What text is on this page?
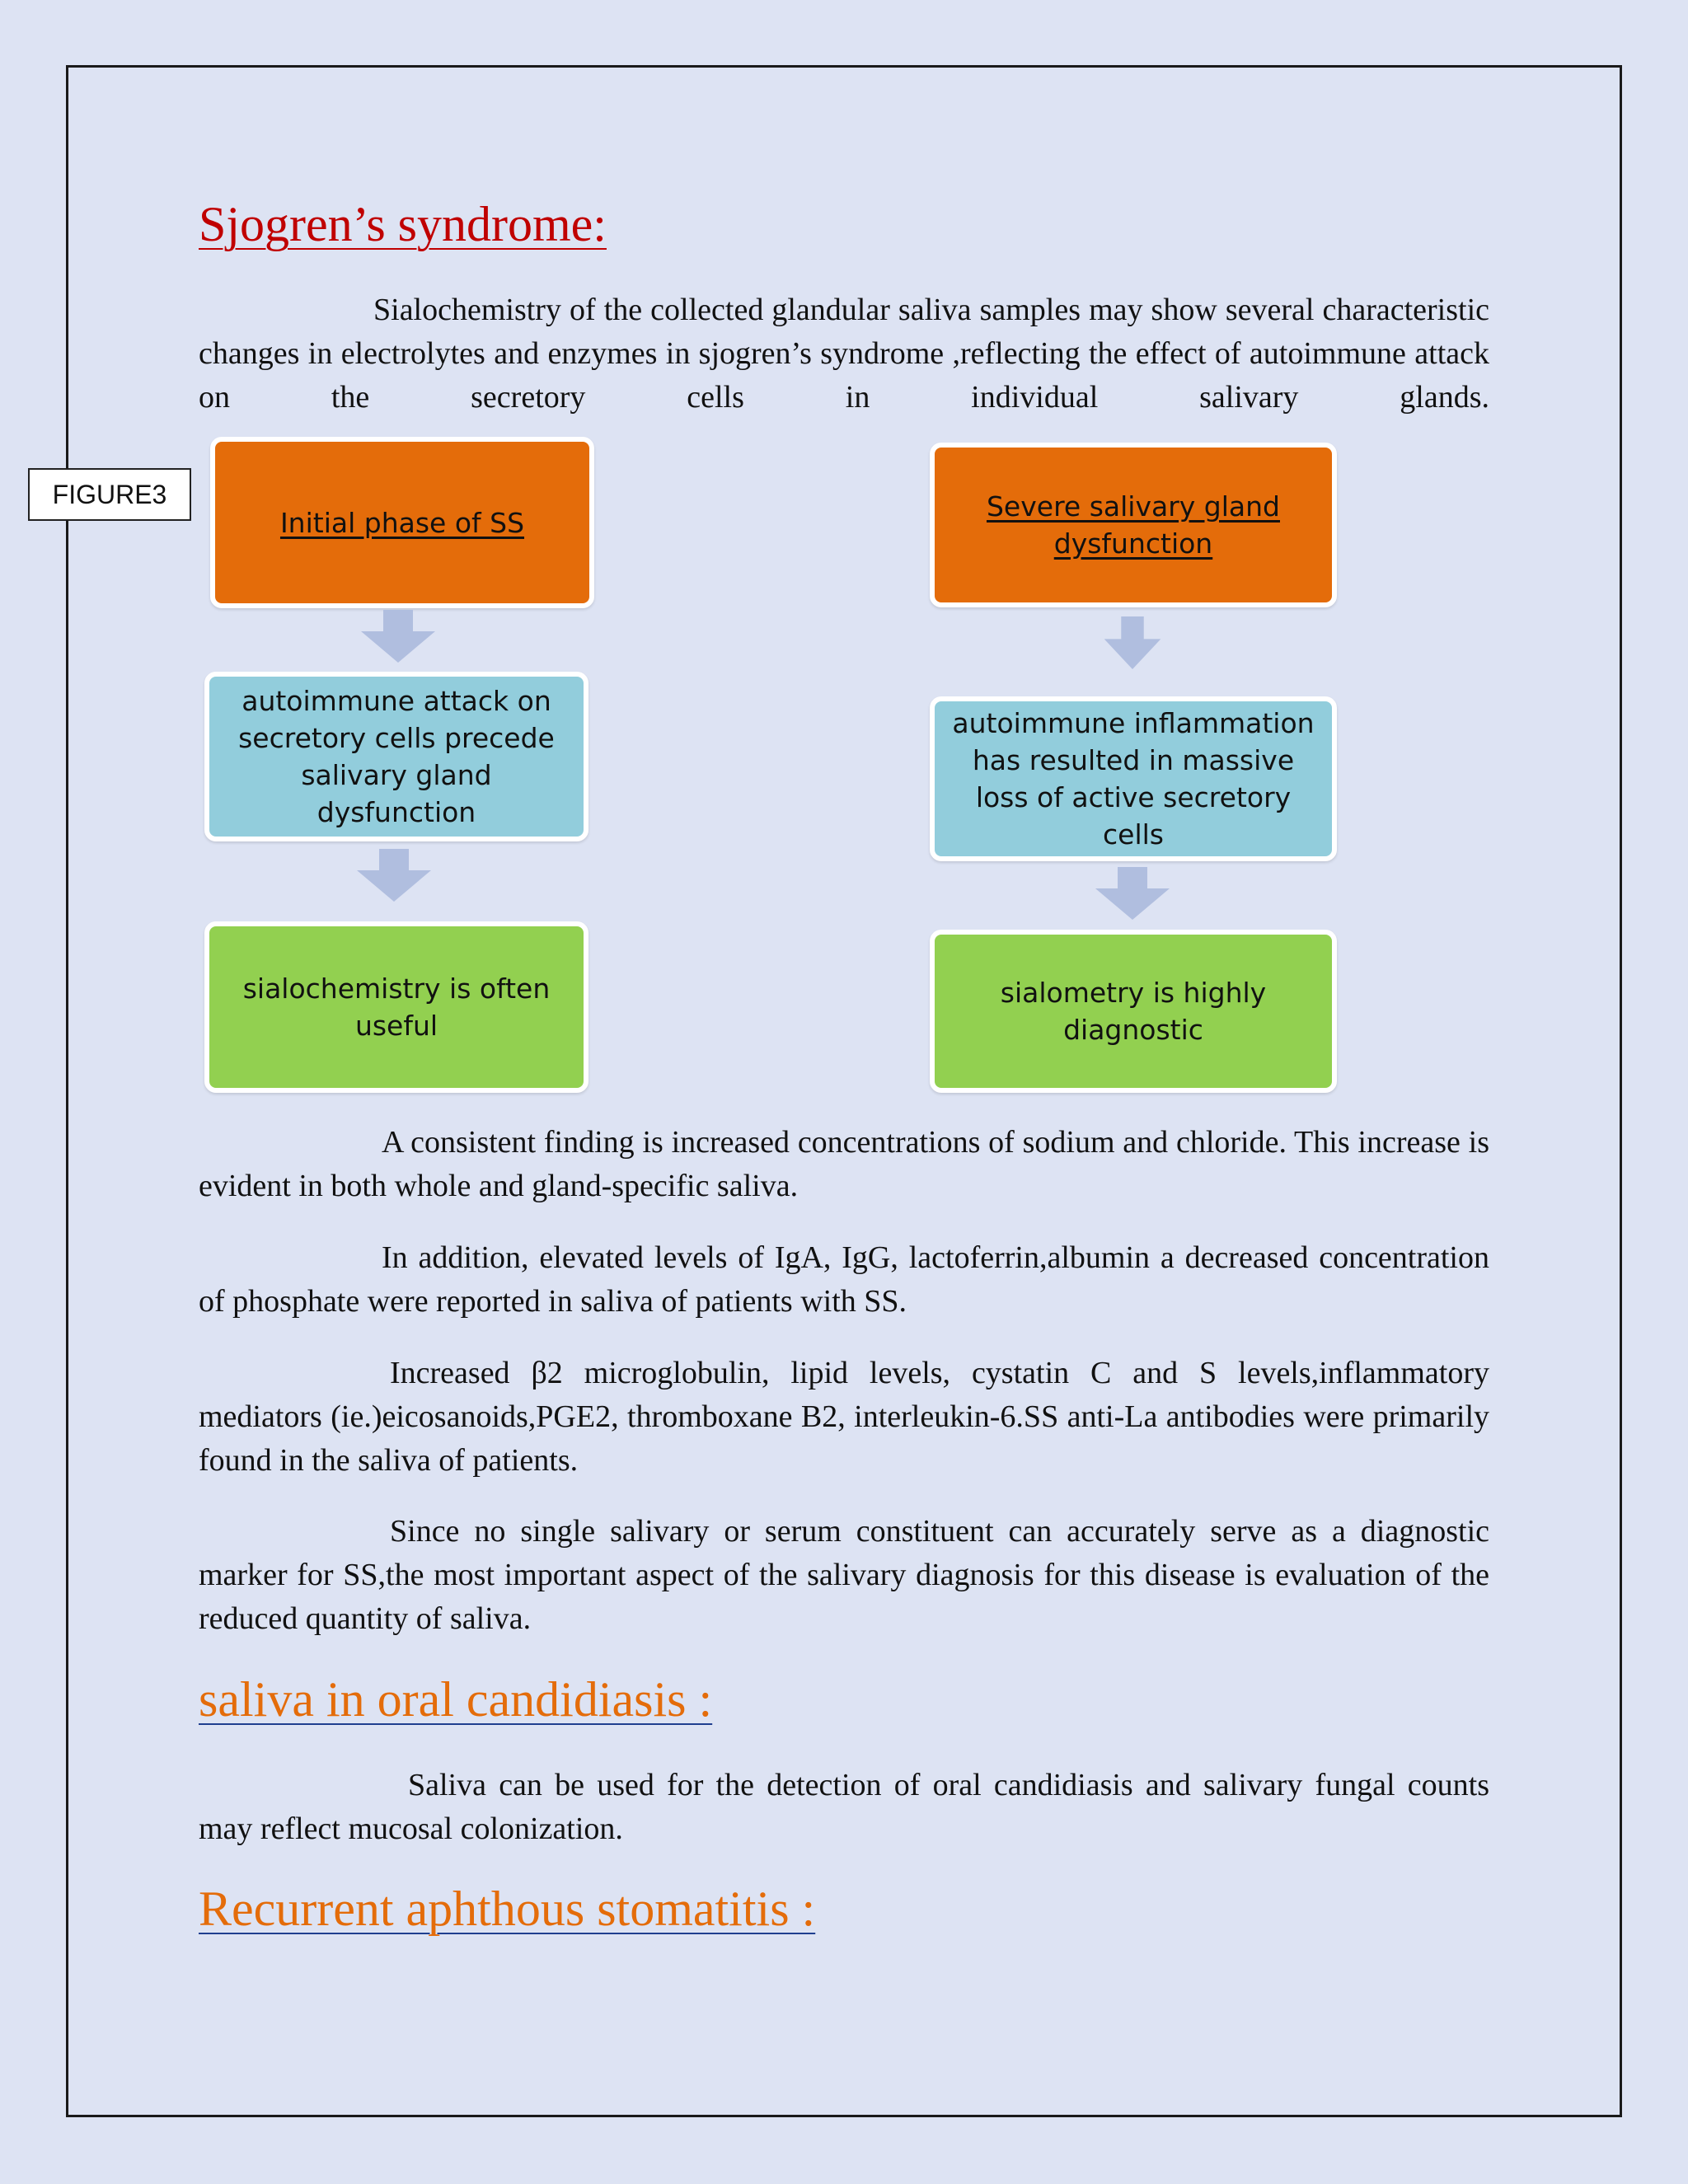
FIGURE3
Sjogren’s syndrome:

Sialochemistry of the collected glandular saliva samples may show several characteristic changes in electrolytes and enzymes in sjogren’s syndrome ,reflecting the effect of autoimmune attack on the secretory cells in individual salivary glands.

Initial phase of SS
autoimmune attack on secretory cells precede salivary gland dysfunction
sialochemistry is often useful
Severe salivary gland dysfunction
autoimmune inflammation has resulted in massive loss of active secretory cells
sialometry is highly diagnostic

A consistent finding is increased concentrations of sodium and chloride. This increase is evident in both whole and gland-specific saliva.

In addition, elevated levels of IgA, IgG, lactoferrin,albumin a decreased concentration of phosphate were reported in saliva of patients with SS.

Increased β2 microglobulin, lipid levels, cystatin C and S levels,inflammatory mediators (ie.)eicosanoids,PGE2, thromboxane B2, interleukin-6.SS anti-La antibodies were primarily found in the saliva of patients.

Since no single salivary or serum constituent can accurately serve as a diagnostic marker for SS,the most important aspect of the salivary diagnosis for this disease is evaluation of the reduced quantity of saliva.

saliva in oral candidiasis :

Saliva can be used for the detection of oral candidiasis and salivary fungal counts may reflect mucosal colonization.

Recurrent aphthous stomatitis :
